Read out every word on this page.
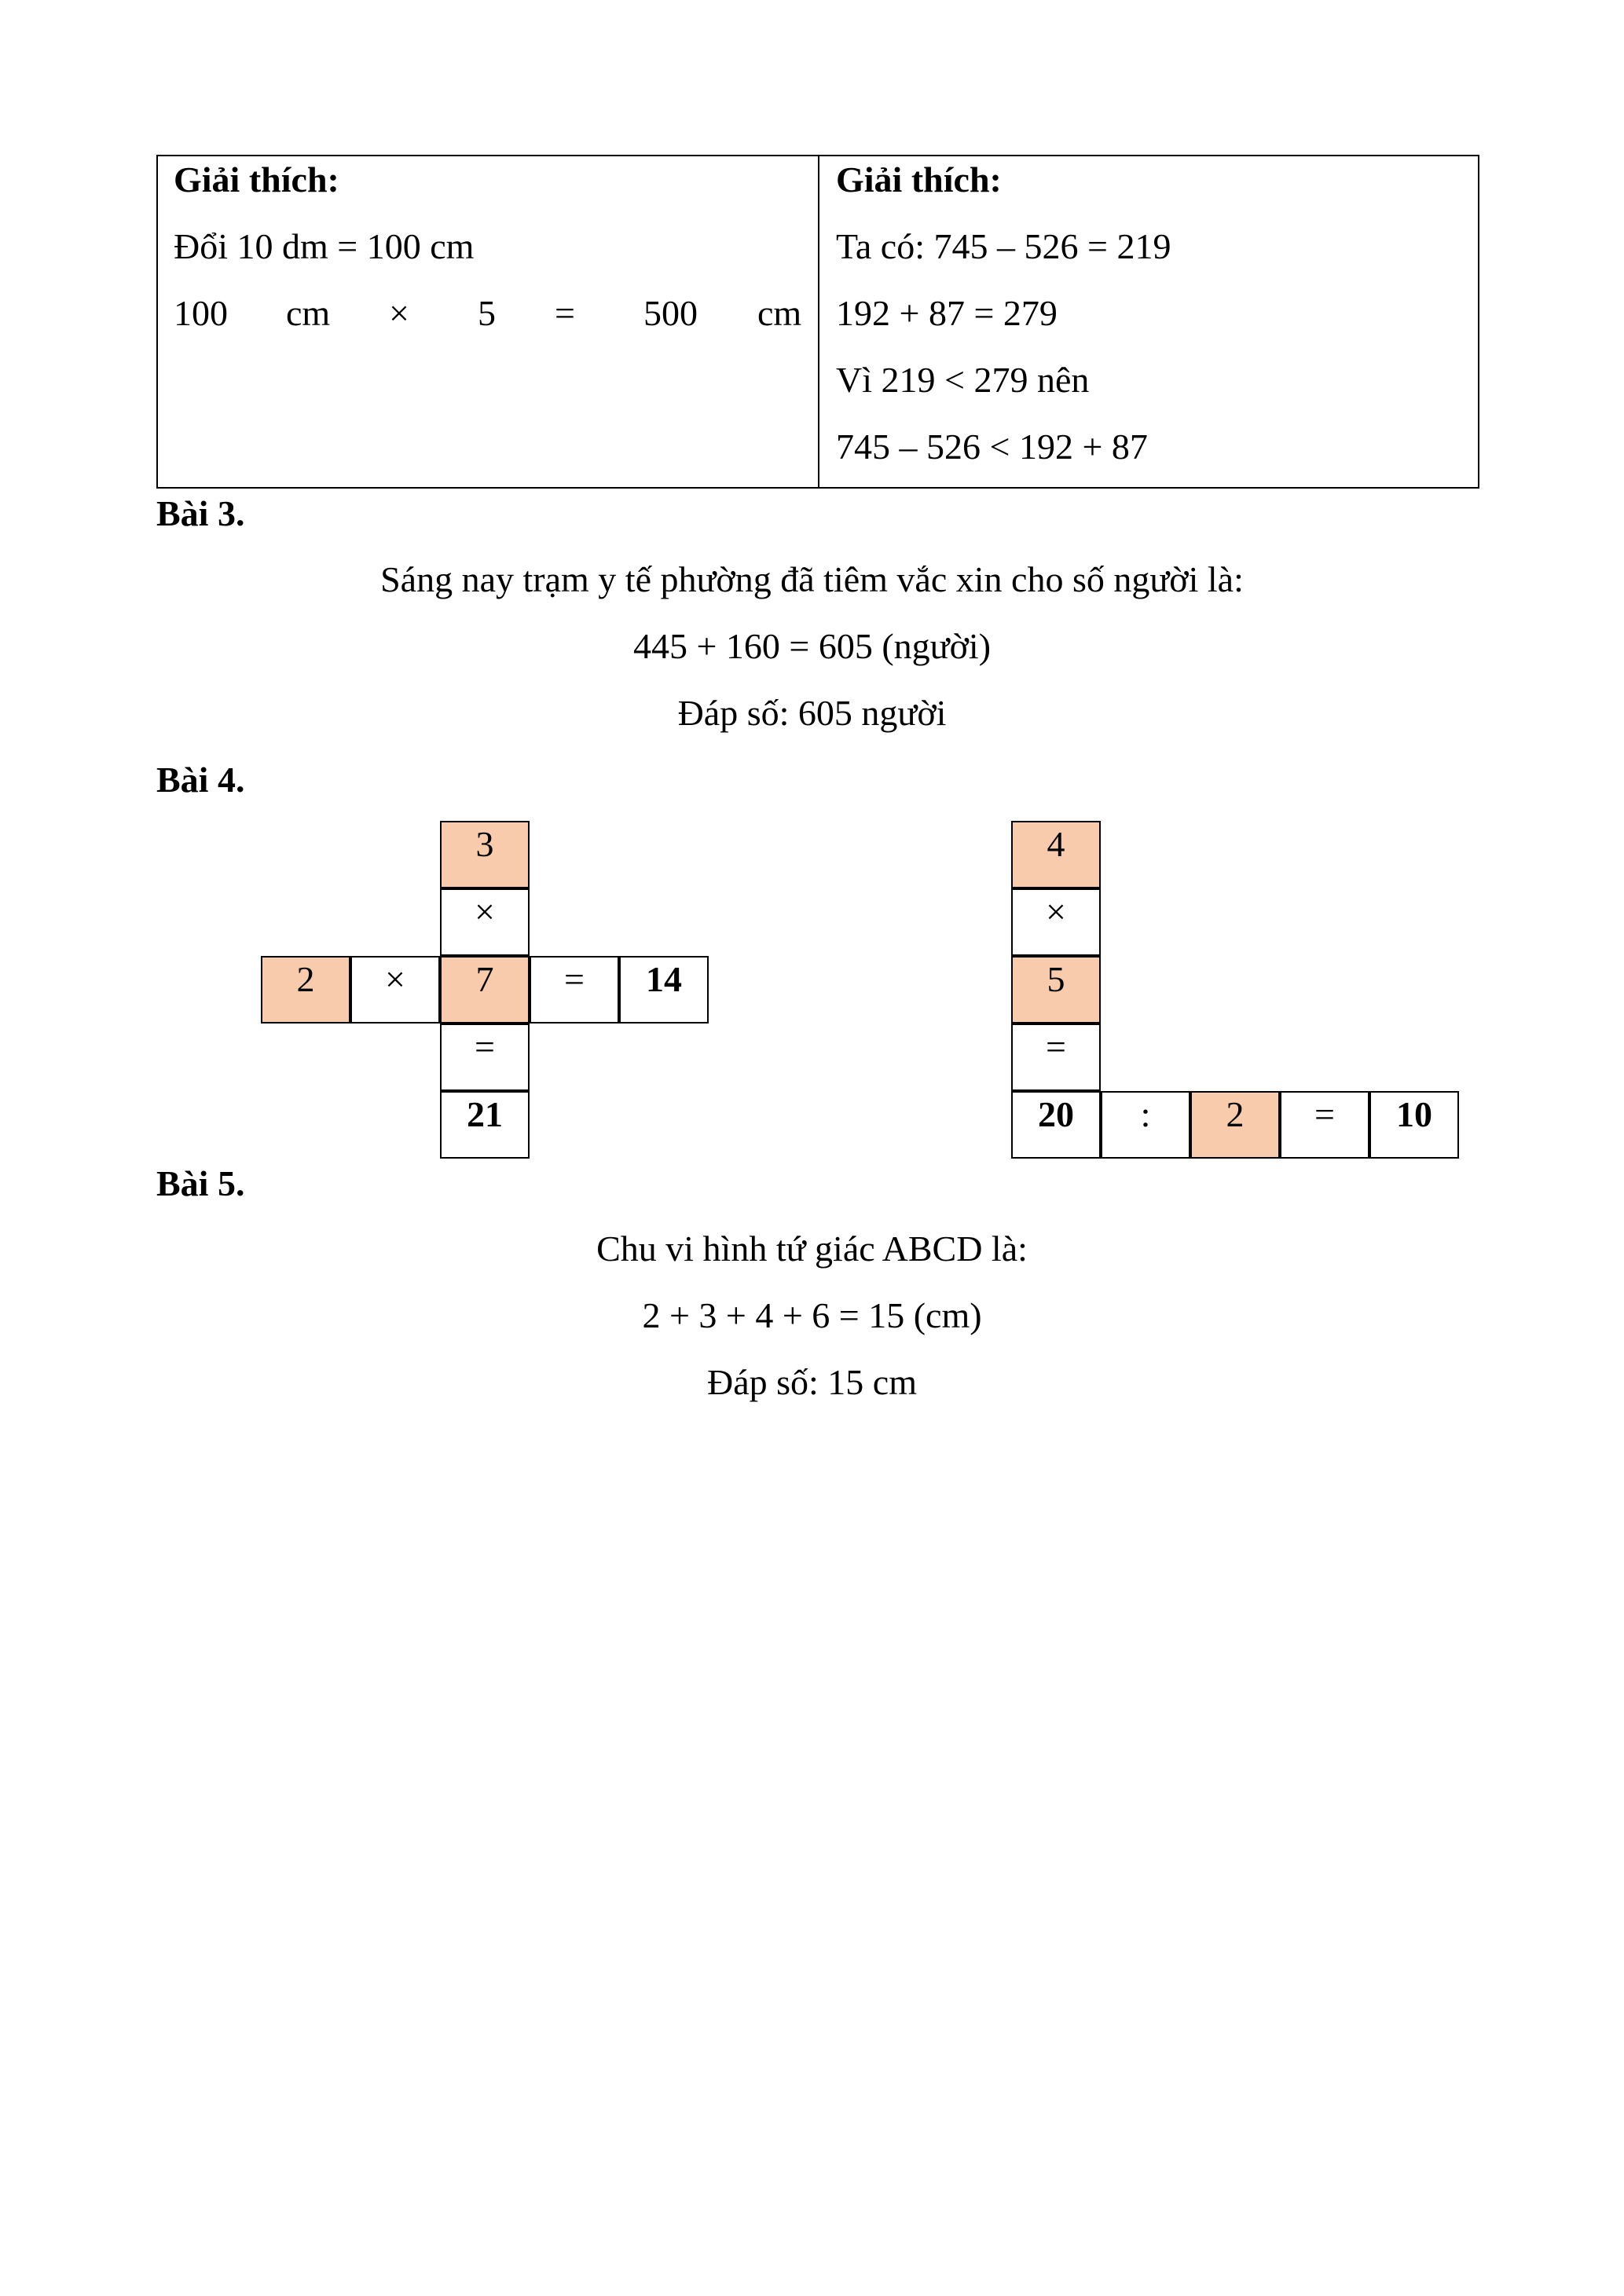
Giải thích:
Đổi 10 dm = 100 cm
100 cm × 5 = 500 cm
Giải thích:
Ta có: 745 – 526 = 219
192 + 87 = 279
Vì 219 < 279 nên
745 – 526 < 192 + 87
Bài 3.
Sáng nay trạm y tế phường đã tiêm vắc xin cho số người là:
445 + 160 = 605 (người)
Đáp số: 605 người
Bài 4.
3
×
2 × 7 = 14
=
21
4
×
5
=
20 : 2 = 10
Bài 5.
Chu vi hình tứ giác ABCD là:
2 + 3 + 4 + 6 = 15 (cm)
Đáp số: 15 cm
